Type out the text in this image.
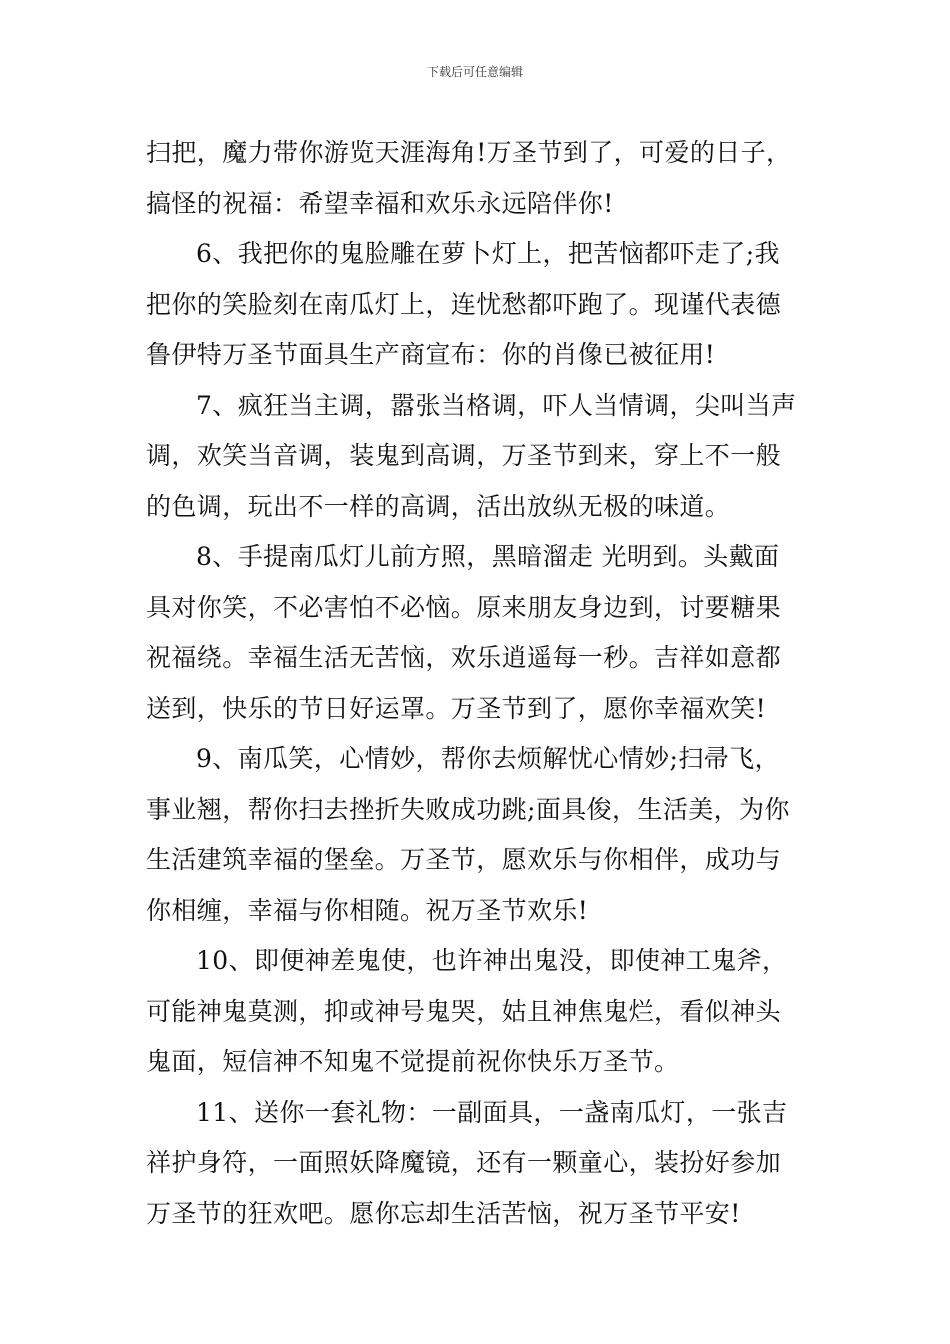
下载后可任意编辑
扫把，魔力带你游览天涯海角!万圣节到了，可爱的日子，
搞怪的祝福：希望幸福和欢乐永远陪伴你!
6、我把你的鬼脸雕在萝卜灯上，把苦恼都吓走了;我
把你的笑脸刻在南瓜灯上，连忧愁都吓跑了。现谨代表德
鲁伊特万圣节面具生产商宣布：你的肖像已被征用!
7、疯狂当主调，嚣张当格调，吓人当情调，尖叫当声
调，欢笑当音调，装鬼到高调，万圣节到来，穿上不一般
的色调，玩出不一样的高调，活出放纵无极的味道。
8、手提南瓜灯儿前方照，黑暗溜走 光明到。头戴面
具对你笑，不必害怕不必恼。原来朋友身边到，讨要糖果
祝福绕。幸福生活无苦恼，欢乐逍遥每一秒。吉祥如意都
送到，快乐的节日好运罩。万圣节到了，愿你幸福欢笑!
9、南瓜笑，心情妙，帮你去烦解忧心情妙;扫帚飞，
事业翘，帮你扫去挫折失败成功跳;面具俊，生活美，为你
生活建筑幸福的堡垒。万圣节，愿欢乐与你相伴，成功与
你相缠，幸福与你相随。祝万圣节欢乐!
10、即便神差鬼使，也许神出鬼没，即使神工鬼斧，
可能神鬼莫测，抑或神号鬼哭，姑且神焦鬼烂，看似神头
鬼面，短信神不知鬼不觉提前祝你快乐万圣节。
11、送你一套礼物：一副面具，一盏南瓜灯，一张吉
祥护身符，一面照妖降魔镜，还有一颗童心，装扮好参加
万圣节的狂欢吧。愿你忘却生活苦恼，祝万圣节平安!
